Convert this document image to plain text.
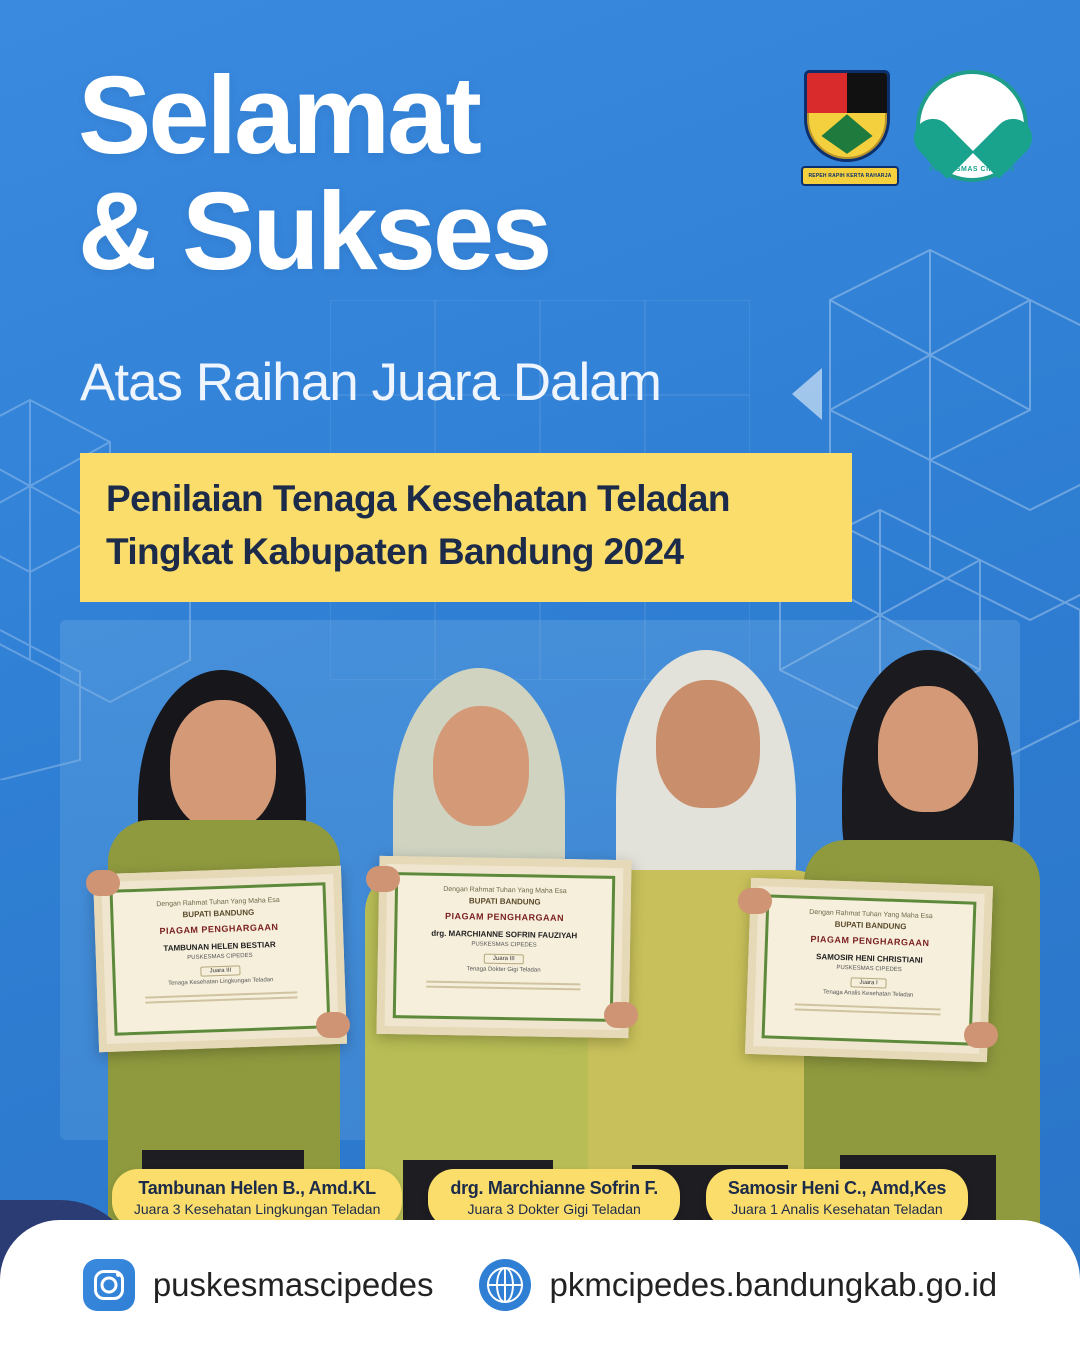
REPEH RAPIH KERTA RAHARJA
PUSKESMAS CIPEDES
Selamat
& Sukses
Atas Raihan Juara Dalam
Penilaian Tenaga Kesehatan Teladan
Tingkat Kabupaten Bandung 2024
Dengan Rahmat Tuhan Yang Maha Esa
BUPATI BANDUNG
PIAGAM PENGHARGAAN
TAMBUNAN HELEN BESTIAR
PUSKESMAS CIPEDES
Juara III
Tenaga Kesehatan Lingkungan Teladan
Dengan Rahmat Tuhan Yang Maha Esa
BUPATI BANDUNG
PIAGAM PENGHARGAAN
drg. MARCHIANNE SOFRIN FAUZIYAH
PUSKESMAS CIPEDES
Juara III
Tenaga Dokter Gigi Teladan
Dengan Rahmat Tuhan Yang Maha Esa
BUPATI BANDUNG
PIAGAM PENGHARGAAN
SAMOSIR HENI CHRISTIANI
PUSKESMAS CIPEDES
Juara I
Tenaga Analis Kesehatan Teladan
Tambunan Helen B., Amd.KL
Juara 3 Kesehatan Lingkungan Teladan
drg. Marchianne Sofrin F.
Juara 3 Dokter Gigi Teladan
Samosir Heni C., Amd,Kes
Juara 1 Analis Kesehatan Teladan
puskesmascipedes	pkmcipedes.bandungkab.go.id
